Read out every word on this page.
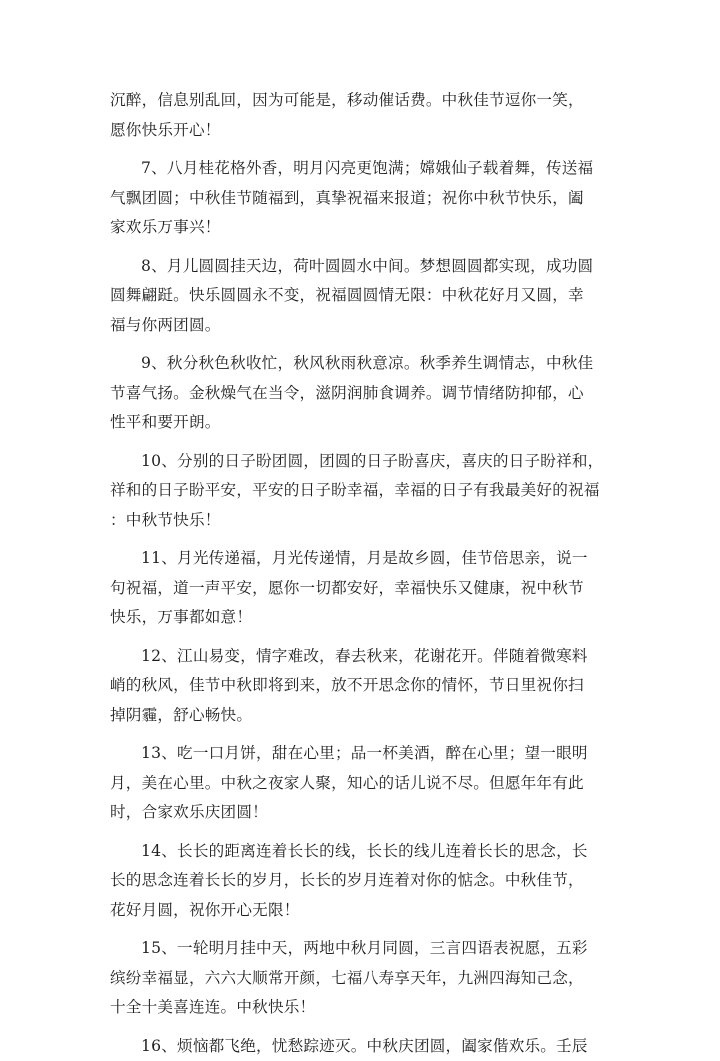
沉醉，信息别乱回，因为可能是，移动催话费。中秋佳节逗你一笑，
愿你快乐开心！
7、八月桂花格外香，明月闪亮更饱满；嫦娥仙子载着舞，传送福
气飘团圆；中秋佳节随福到，真挚祝福来报道；祝你中秋节快乐，阖
家欢乐万事兴！
8、月儿圆圆挂天边，荷叶圆圆水中间。梦想圆圆都实现，成功圆
圆舞翩跹。快乐圆圆永不变，祝福圆圆情无限：中秋花好月又圆，幸
福与你两团圆。
9、秋分秋色秋收忙，秋风秋雨秋意凉。秋季养生调情志，中秋佳
节喜气扬。金秋燥气在当令，滋阴润肺食调养。调节情绪防抑郁，心
性平和要开朗。
10、分别的日子盼团圆，团圆的日子盼喜庆，喜庆的日子盼祥和，
祥和的日子盼平安，平安的日子盼幸福，幸福的日子有我最美好的祝福
：中秋节快乐！
11、月光传递福，月光传递情，月是故乡圆，佳节倍思亲，说一
句祝福，道一声平安，愿你一切都安好，幸福快乐又健康，祝中秋节
快乐，万事都如意！
12、江山易变，情字难改，春去秋来，花谢花开。伴随着微寒料
峭的秋风，佳节中秋即将到来，放不开思念你的情怀，节日里祝你扫
掉阴霾，舒心畅快。
13、吃一口月饼，甜在心里；品一杯美酒，醉在心里；望一眼明
月，美在心里。中秋之夜家人聚，知心的话儿说不尽。但愿年年有此
时，合家欢乐庆团圆！
14、长长的距离连着长长的线，长长的线儿连着长长的思念，长
长的思念连着长长的岁月，长长的岁月连着对你的惦念。中秋佳节，
花好月圆，祝你开心无限！
15、一轮明月挂中天，两地中秋月同圆，三言四语表祝愿，五彩
缤纷幸福显，六六大顺常开颜，七福八寿享天年，九洲四海知己念，
十全十美喜连连。中秋快乐！
16、烦恼都飞绝，忧愁踪迹灭。中秋庆团圆，阖家偕欢乐。壬辰
